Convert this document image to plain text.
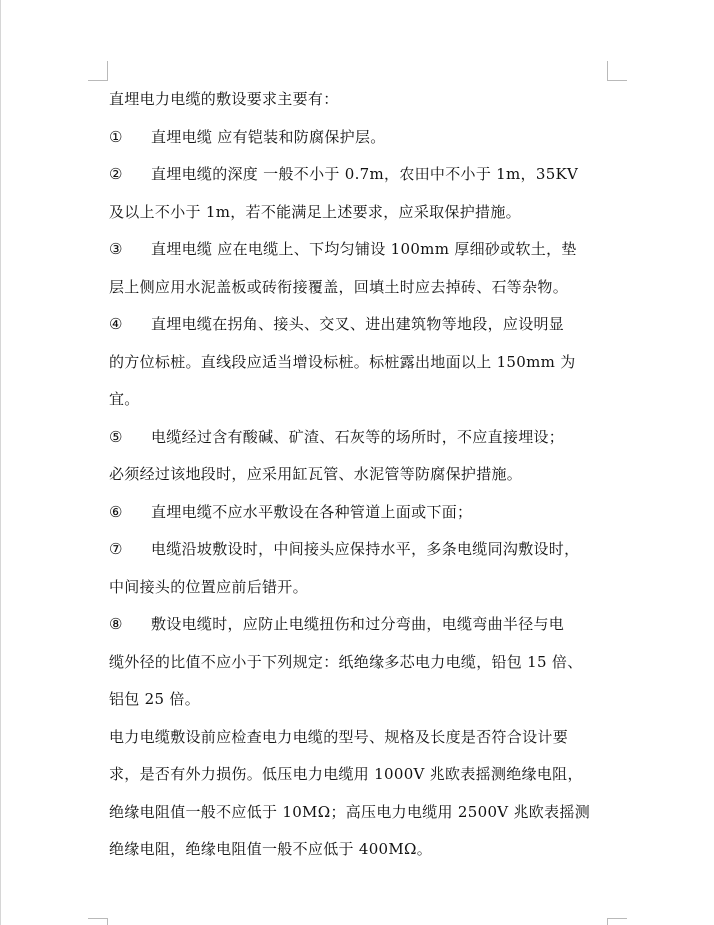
直埋电力电缆的敷设要求主要有：
① 直埋电缆 应有铠装和防腐保护层。
② 直埋电缆的深度 一般不小于 0.7m，农田中不小于 1m，35KV
及以上不小于 1m，若不能满足上述要求，应采取保护措施。
③ 直埋电缆 应在电缆上、下均匀铺设 100mm 厚细砂或软土，垫
层上侧应用水泥盖板或砖衔接覆盖，回填土时应去掉砖、石等杂物。
④ 直埋电缆在拐角、接头、交叉、进出建筑物等地段，应设明显
的方位标桩。直线段应适当增设标桩。标桩露出地面以上 150mm 为
宜。
⑤ 电缆经过含有酸碱、矿渣、石灰等的场所时，不应直接埋设；
必须经过该地段时，应采用缸瓦管、水泥管等防腐保护措施。
⑥ 直埋电缆不应水平敷设在各种管道上面或下面；
⑦ 电缆沿坡敷设时，中间接头应保持水平，多条电缆同沟敷设时，
中间接头的位置应前后错开。
⑧ 敷设电缆时，应防止电缆扭伤和过分弯曲，电缆弯曲半径与电
缆外径的比值不应小于下列规定：纸绝缘多芯电力电缆，铅包 15 倍、
铝包 25 倍。
电力电缆敷设前应检查电力电缆的型号、规格及长度是否符合设计要
求，是否有外力损伤。低压电力电缆用 1000V 兆欧表摇测绝缘电阻，
绝缘电阻值一般不应低于 10MΩ；高压电力电缆用 2500V 兆欧表摇测
绝缘电阻，绝缘电阻值一般不应低于 400MΩ。
